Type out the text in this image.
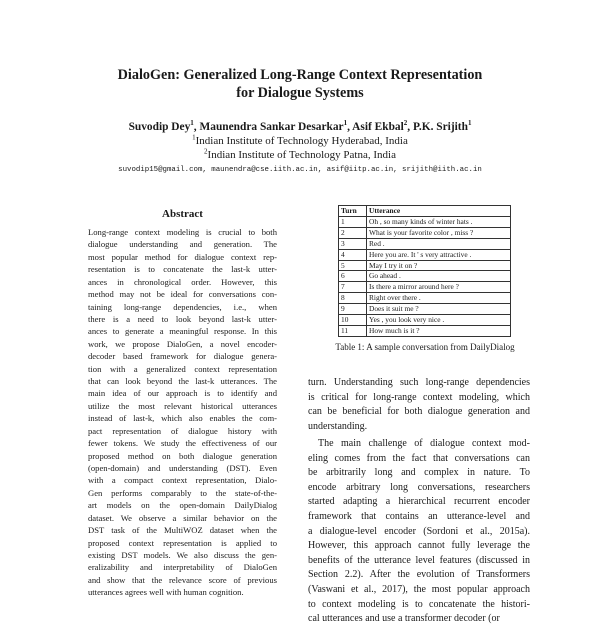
DialoGen: Generalized Long-Range Context Representation
for Dialogue Systems
Suvodip Dey$^1$, Maunendra Sankar Desarkar$^1$, Asif Ekbal$^2$, P.K. Srijith$^1$
$^1$Indian Institute of Technology Hyderabad, India
$^2$Indian Institute of Technology Patna, India
suvodip15@gmail.com, maunendra@cse.iith.ac.in, asif@iitp.ac.in, srijith@iith.ac.in
Abstract
Long-range context modeling is crucial to both
dialogue understanding and generation. The
most popular method for dialogue context rep-
resentation is to concatenate the last-k utter-
ances in chronological order. However, this
method may not be ideal for conversations con-
taining long-range dependencies, i.e., when
there is a need to look beyond last-k utter-
ances to generate a meaningful response. In this
work, we propose DialoGen, a novel encoder-
decoder based framework for dialogue genera-
tion with a generalized context representation
that can look beyond the last-k utterances. The
main idea of our approach is to identify and
utilize the most relevant historical utterances
instead of last-k, which also enables the com-
pact representation of dialogue history with
fewer tokens. We study the effectiveness of our
proposed method on both dialogue generation
(open-domain) and understanding (DST). Even
with a compact context representation, Dialo-
Gen performs comparably to the state-of-the-
art models on the open-domain DailyDialog
dataset. We observe a similar behavior on the
DST task of the MultiWOZ dataset when the
proposed context representation is applied to
existing DST models. We also discuss the gen-
eralizability and interpretability of DialoGen
and show that the relevance score of previous
utterances agrees well with human cognition.
Turn	Utterance
1	Oh , so many kinds of winter hats .
2	What is your favorite color , miss ?
3	Red .
4	Here you are. It ' s very attractive .
5	May I try it on ?
6	Go ahead .
7	Is there a mirror around here ?
8	Right over there .
9	Does it suit me ?
10	Yes , you look very nice .
11	How much is it ?
Table 1: A sample conversation from DailyDialog
turn. Understanding such long-range dependencies
is critical for long-range context modeling, which
can be beneficial for both dialogue generation and
understanding.
The main challenge of dialogue context mod-
eling comes from the fact that conversations can
be arbitrarily long and complex in nature. To
encode arbitrary long conversations, researchers
started adapting a hierarchical recurrent encoder
framework that contains an utterance-level and
a dialogue-level encoder (Sordoni et al., 2015a).
However, this approach cannot fully leverage the
benefits of the utterance level features (discussed in
Section 2.2). After the evolution of Transformers
(Vaswani et al., 2017), the most popular approach
to context modeling is to concatenate the histori-
cal utterances and use a transformer decoder (or
